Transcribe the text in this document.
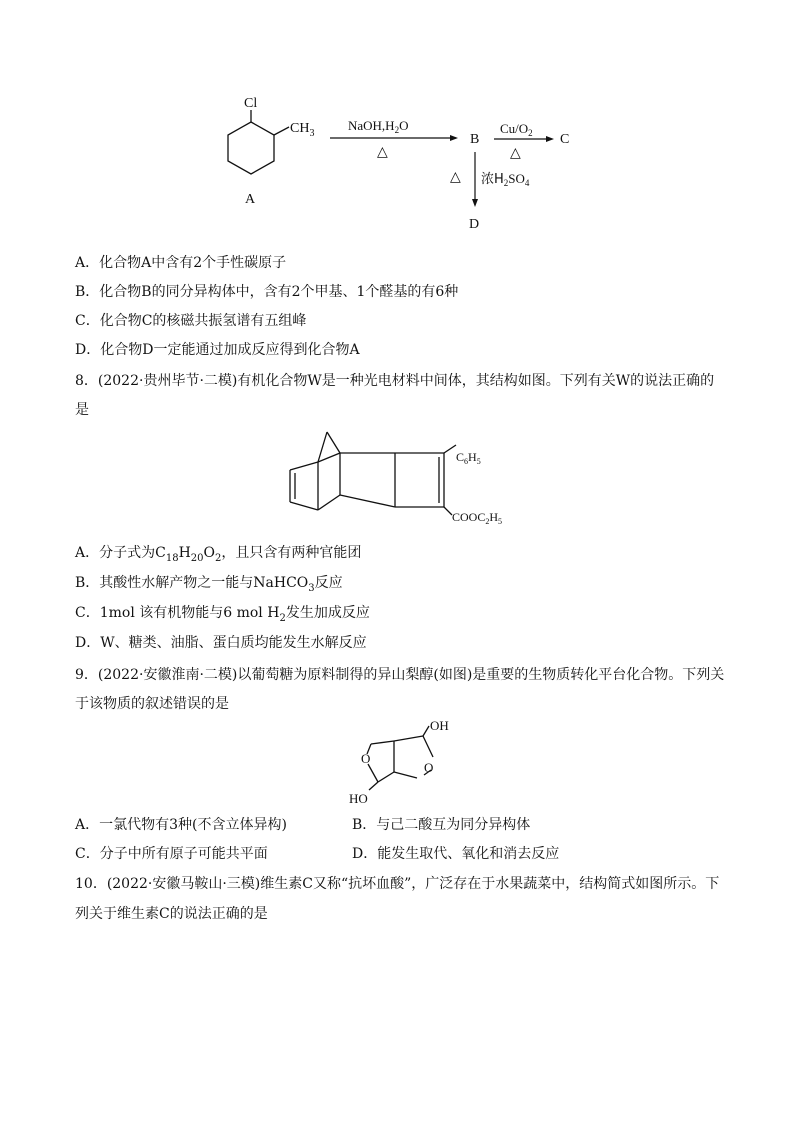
Cl
$CH_3$
A
$NaOH,H_2O$
△
B
$Cu/O_2$
△
C
△ 浓$H_2SO_4$
D
A．化合物A中含有2个手性碳原子
B．化合物B的同分异构体中，含有2个甲基、1个醛基的有6种
C．化合物C的核磁共振氢谱有五组峰
D．化合物D一定能通过加成反应得到化合物A
8．(2022·贵州毕节·二模)有机化合物W是一种光电材料中间体，其结构如图。下列有关W的说法正确的
是
$C_6H_5$
$COOC_2H_5$
A．分子式为$C_{18}H_{20}O_2$，且只含有两种官能团
B．其酸性水解产物之一能与NaHCO$_3$反应
C．1mol 该有机物能与6 mol $H_2$发生加成反应
D．W、糖类、油脂、蛋白质均能发生水解反应
9．(2022·安徽淮南·二模)以葡萄糖为原料制得的异山梨醇(如图)是重要的生物质转化平台化合物。下列关
于该物质的叙述错误的是
OH
O
O
HO
A．一氯代物有3种(不含立体异构)	B．与己二酸互为同分异构体
C．分子中所有原子可能共平面	D．能发生取代、氧化和消去反应
10．(2022·安徽马鞍山·三模)维生素C又称“抗坏血酸”，广泛存在于水果蔬菜中，结构简式如图所示。下
列关于维生素C的说法正确的是
